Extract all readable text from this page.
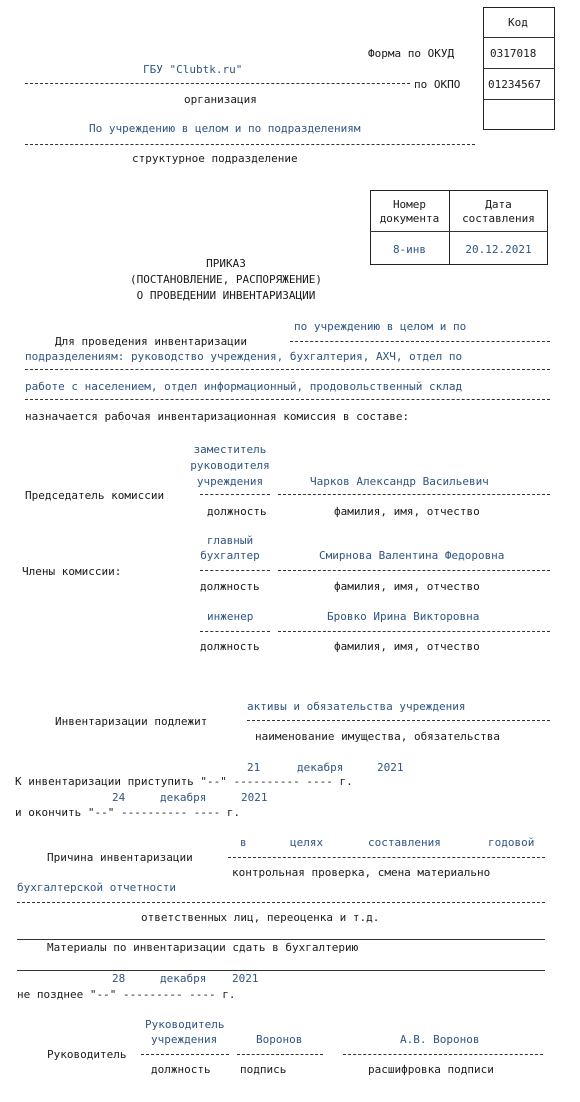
Код
Форма по ОКУД	0317018
по ОКПО	01234567
ГБУ "Clubtk.ru"
организация
По учреждению в целом и по подразделениям
структурное подразделение
Номер
документа
Дата
составления
8-инв	20.12.2021
ПРИКАЗ
(ПОСТАНОВЛЕНИЕ, РАСПОРЯЖЕНИЕ)
О ПРОВЕДЕНИИ ИНВЕНТАРИЗАЦИИ
по учреждению в целом и по
Для проведения инвентаризации
подразделениям: руководство учреждения, бухгалтерия, АХЧ, отдел по
работе с населением, отдел информационный, продовольственный склад
назначается рабочая инвентаризационная комиссия в составе:
заместитель
руководителя
учреждения	Чарков Александр Васильевич
Председатель комиссии
должность	фамилия, имя, отчество
главный
бухгалтер	Смирнова Валентина Федоровна
Члены комиссии:
должность	фамилия, имя, отчество
инженер	Бровко Ирина Викторовна
должность	фамилия, имя, отчество
активы и обязательства учреждения
Инвентаризации подлежит
наименование имущества, обязательства
21	декабря	2021
К инвентаризации приступить "--" ---------- ---- г.
24	декабря	2021
и окончить "--" ---------- ---- г.
в	целях	составления	годовой
Причина инвентаризации
контрольная проверка, смена материально
бухгалтерской отчетности
ответственных лиц, переоценка и т.д.
Материалы по инвентаризации сдать в бухгалтерию
28	декабря 2021
не позднее "--" --------- ---- г.
Руководитель
учреждения	Воронов	А.В. Воронов
Руководитель
должность	подпись	расшифровка подписи
